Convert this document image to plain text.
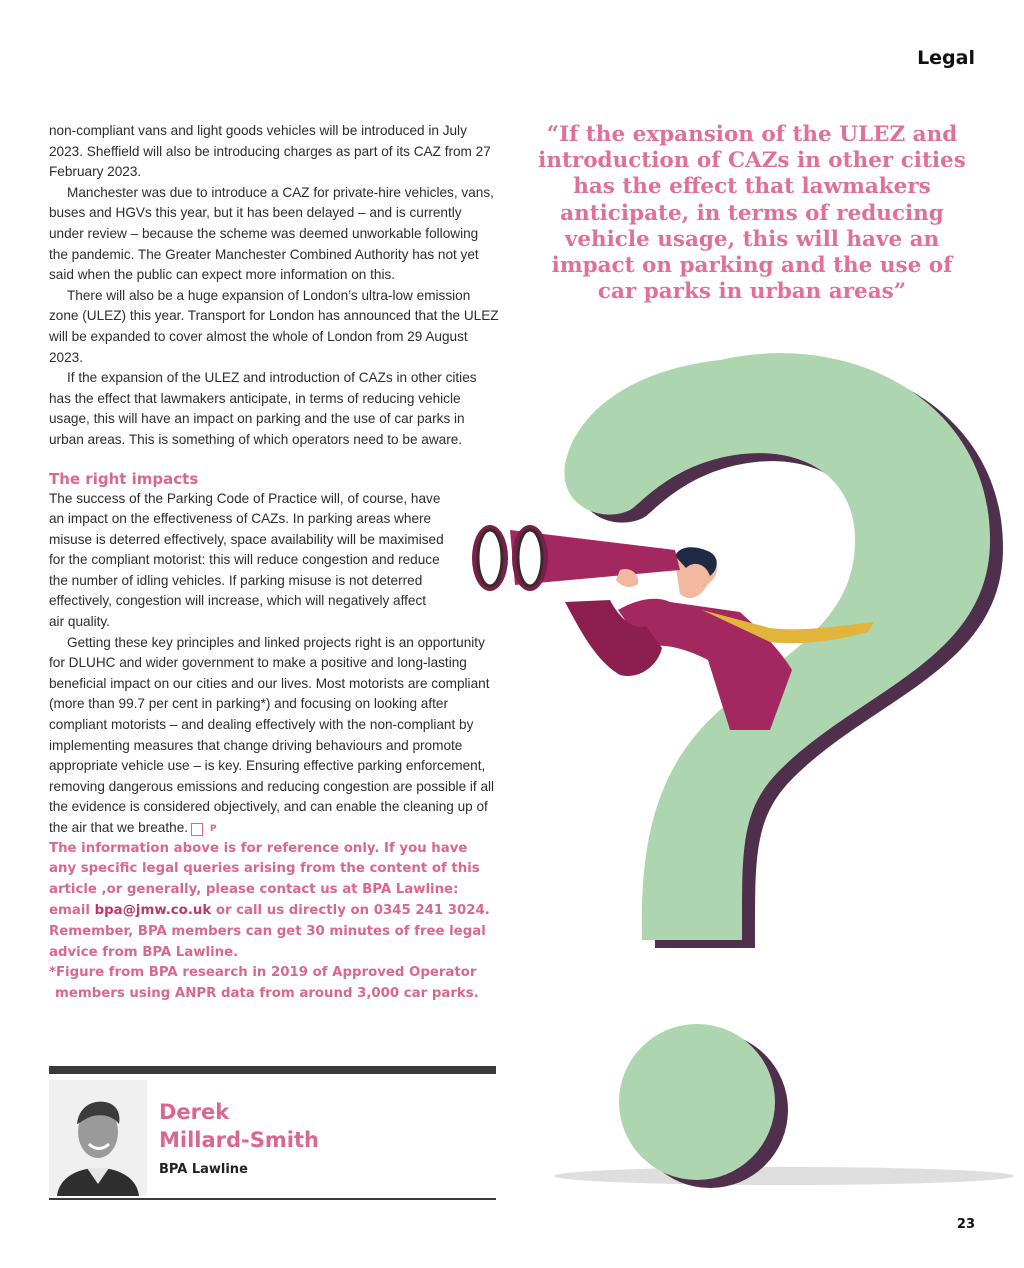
Legal

non-compliant vans and light goods vehicles will be introduced in July 2023. Sheffield will also be introducing charges as part of its CAZ from 27 February 2023.

Manchester was due to introduce a CAZ for private-hire vehicles, vans, buses and HGVs this year, but it has been delayed – and is currently under review – because the scheme was deemed unworkable following the pandemic. The Greater Manchester Combined Authority has not yet said when the public can expect more information on this.

There will also be a huge expansion of London’s ultra-low emission zone (ULEZ) this year. Transport for London has announced that the ULEZ will be expanded to cover almost the whole of London from 29 August 2023.

If the expansion of the ULEZ and introduction of CAZs in other cities has the effect that lawmakers anticipate, in terms of reducing vehicle usage, this will have an impact on parking and the use of car parks in urban areas. This is something of which operators need to be aware.

The right impacts

The success of the Parking Code of Practice will, of course, have an impact on the effectiveness of CAZs. In parking areas where misuse is deterred effectively, space availability will be maximised for the compliant motorist: this will reduce congestion and reduce the number of idling vehicles. If parking misuse is not deterred effectively, congestion will increase, which will negatively affect air quality.

Getting these key principles and linked projects right is an opportunity for DLUHC and wider government to make a positive and long-lasting beneficial impact on our cities and our lives. Most motorists are compliant (more than 99.7 per cent in parking*) and focusing on looking after compliant motorists – and dealing effectively with the non-compliant by implementing measures that change driving behaviours and promote appropriate vehicle use – is key. Ensuring effective parking enforcement, removing dangerous emissions and reducing congestion are possible if all the evidence is considered objectively, and can enable the cleaning up of the air that we breathe. P

The information above is for reference only. If you have any specific legal queries arising from the content of this article ,or generally, please contact us at BPA Lawline: email bpa@jmw.co.uk or call us directly on 0345 241 3024. Remember, BPA members can get 30 minutes of free legal advice from BPA Lawline.

*Figure from BPA research in 2019 of Approved Operator
members using ANPR data from around 3,000 car parks.

“If the expansion of the ULEZ and introduction of CAZs in other cities has the effect that lawmakers anticipate, in terms of reducing vehicle usage, this will have an impact on parking and the use of car parks in urban areas”
Derek
Millard-Smith
BPA Lawline
23
